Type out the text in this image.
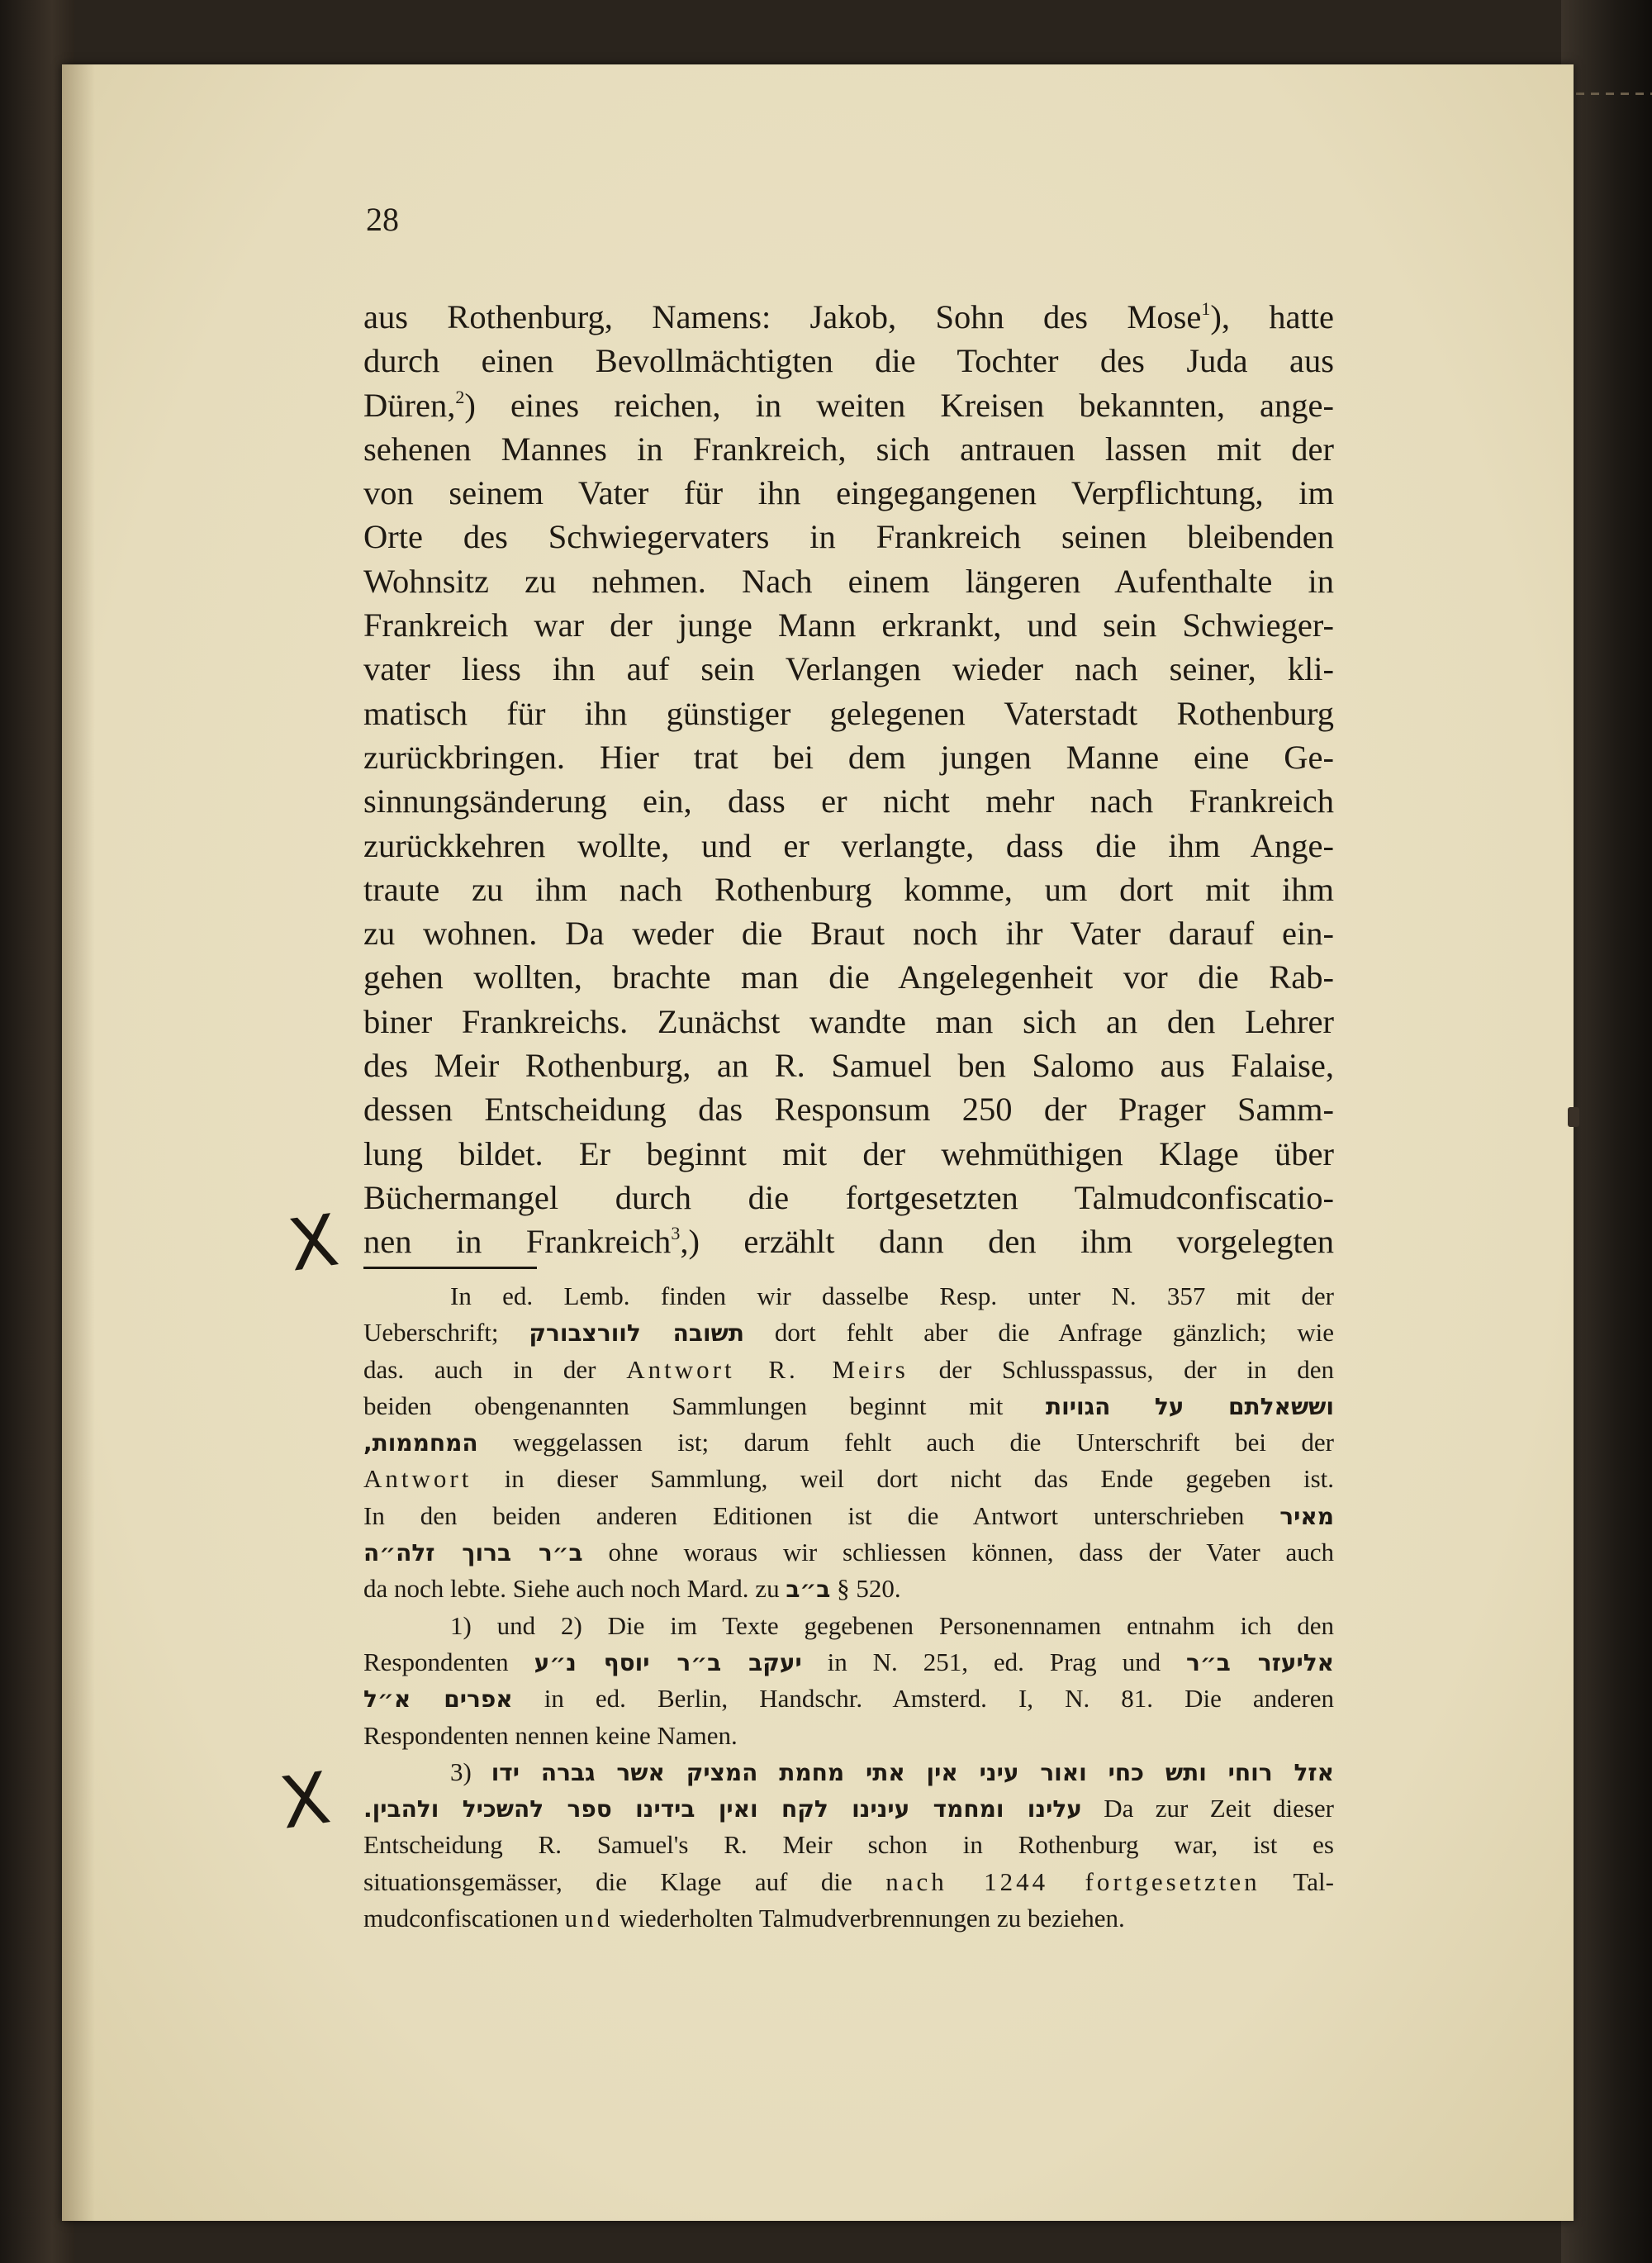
28
aus Rothenburg, Namens: Jakob, Sohn des Mose$^1$), hatte
durch einen Bevollmächtigten die Tochter des Juda aus
Düren,$^2$) eines reichen, in weiten Kreisen bekannten, ange-
sehenen Mannes in Frankreich, sich antrauen lassen mit der
von seinem Vater für ihn eingegangenen Verpflichtung, im
Orte des Schwiegervaters in Frankreich seinen bleibenden
Wohnsitz zu nehmen. Nach einem längeren Aufenthalte in
Frankreich war der junge Mann erkrankt, und sein Schwieger-
vater liess ihn auf sein Verlangen wieder nach seiner, kli-
matisch für ihn günstiger gelegenen Vaterstadt Rothenburg
zurückbringen. Hier trat bei dem jungen Manne eine Ge-
sinnungsänderung ein, dass er nicht mehr nach Frankreich
zurückkehren wollte, und er verlangte, dass die ihm Ange-
traute zu ihm nach Rothenburg komme, um dort mit ihm
zu wohnen. Da weder die Braut noch ihr Vater darauf ein-
gehen wollten, brachte man die Angelegenheit vor die Rab-
biner Frankreichs. Zunächst wandte man sich an den Lehrer
des Meir Rothenburg, an R. Samuel ben Salomo aus Falaise,
dessen Entscheidung das Responsum 250 der Prager Samm-
lung bildet. Er beginnt mit der wehmüthigen Klage über
Büchermangel durch die fortgesetzten Talmudconfiscatio-
nen in Frankreich$^3$,) erzählt dann den ihm vorgelegten
In ed. Lemb. finden wir dasselbe Resp. unter N. 357 mit der
Ueberschrift; תשובה לוורצבורק dort fehlt aber die Anfrage gänzlich; wie
das. auch in der Antwort R. Meirs der Schlusspassus, der in den
beiden obengenannten Sammlungen beginnt mit וששאלתם על הגויות
המחממות, weggelassen ist; darum fehlt auch die Unterschrift bei der
Antwort in dieser Sammlung, weil dort nicht das Ende gegeben ist.
In den beiden anderen Editionen ist die Antwort unterschrieben מאיר
ב״ר ברוך זלה״ה ohne woraus wir schliessen können, dass der Vater auch
da noch lebte. Siehe auch noch Mard. zu ב״ב § 520.
1) und 2) Die im Texte gegebenen Personennamen entnahm ich den
Respondenten יעקב ב״ר יוסף נ״ע in N. 251, ed. Prag und אליעזר ב״ר
אפרים א״ל in ed. Berlin, Handschr. Amsterd. I, N. 81. Die anderen
Respondenten nennen keine Namen.
3) אזל רוחי ותש כחי ואור עיני אין אתי מחמת המציק אשר גברה ידו
עלינו ומחמד עינינו לקח ואין בידינו ספר להשכיל ולהבין. Da zur Zeit dieser
Entscheidung R. Samuel's R. Meir schon in Rothenburg war, ist es
situationsgemässer, die Klage auf die nach 1244 fortgesetzten Tal-
mudconfiscationen und wiederholten Talmudverbrennungen zu beziehen.
X
X
